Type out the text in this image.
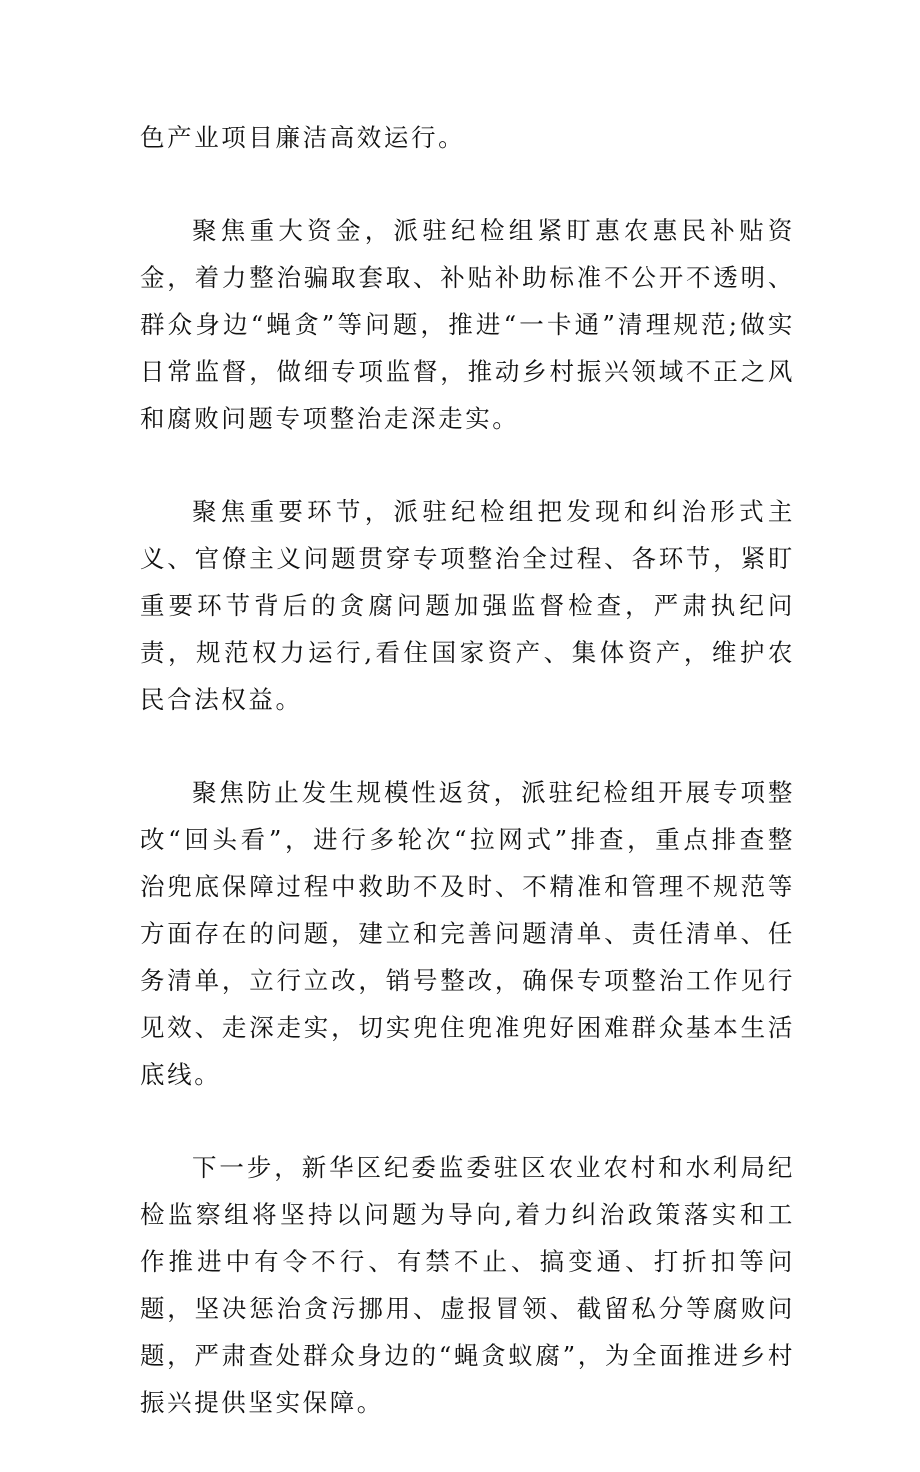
色产业项目廉洁高效运行。

聚焦重大资金，派驻纪检组紧盯惠农惠民补贴资金，着力整治骗取套取、补贴补助标准不公开不透明、群众身边“蝇贪”等问题，推进“一卡通”清理规范;做实日常监督，做细专项监督，推动乡村振兴领域不正之风和腐败问题专项整治走深走实。

聚焦重要环节，派驻纪检组把发现和纠治形式主义、官僚主义问题贯穿专项整治全过程、各环节，紧盯重要环节背后的贪腐问题加强监督检查，严肃执纪问责，规范权力运行,看住国家资产、集体资产，维护农民合法权益。

聚焦防止发生规模性返贫，派驻纪检组开展专项整改“回头看”，进行多轮次“拉网式”排查，重点排查整治兜底保障过程中救助不及时、不精准和管理不规范等方面存在的问题，建立和完善问题清单、责任清单、任务清单，立行立改，销号整改，确保专项整治工作见行见效、走深走实，切实兜住兜准兜好困难群众基本生活底线。

下一步，新华区纪委监委驻区农业农村和水利局纪检监察组将坚持以问题为导向,着力纠治政策落实和工作推进中有令不行、有禁不止、搞变通、打折扣等问题，坚决惩治贪污挪用、虚报冒领、截留私分等腐败问题，严肃查处群众身边的“蝇贪蚁腐”，为全面推进乡村振兴提供坚实保障。
